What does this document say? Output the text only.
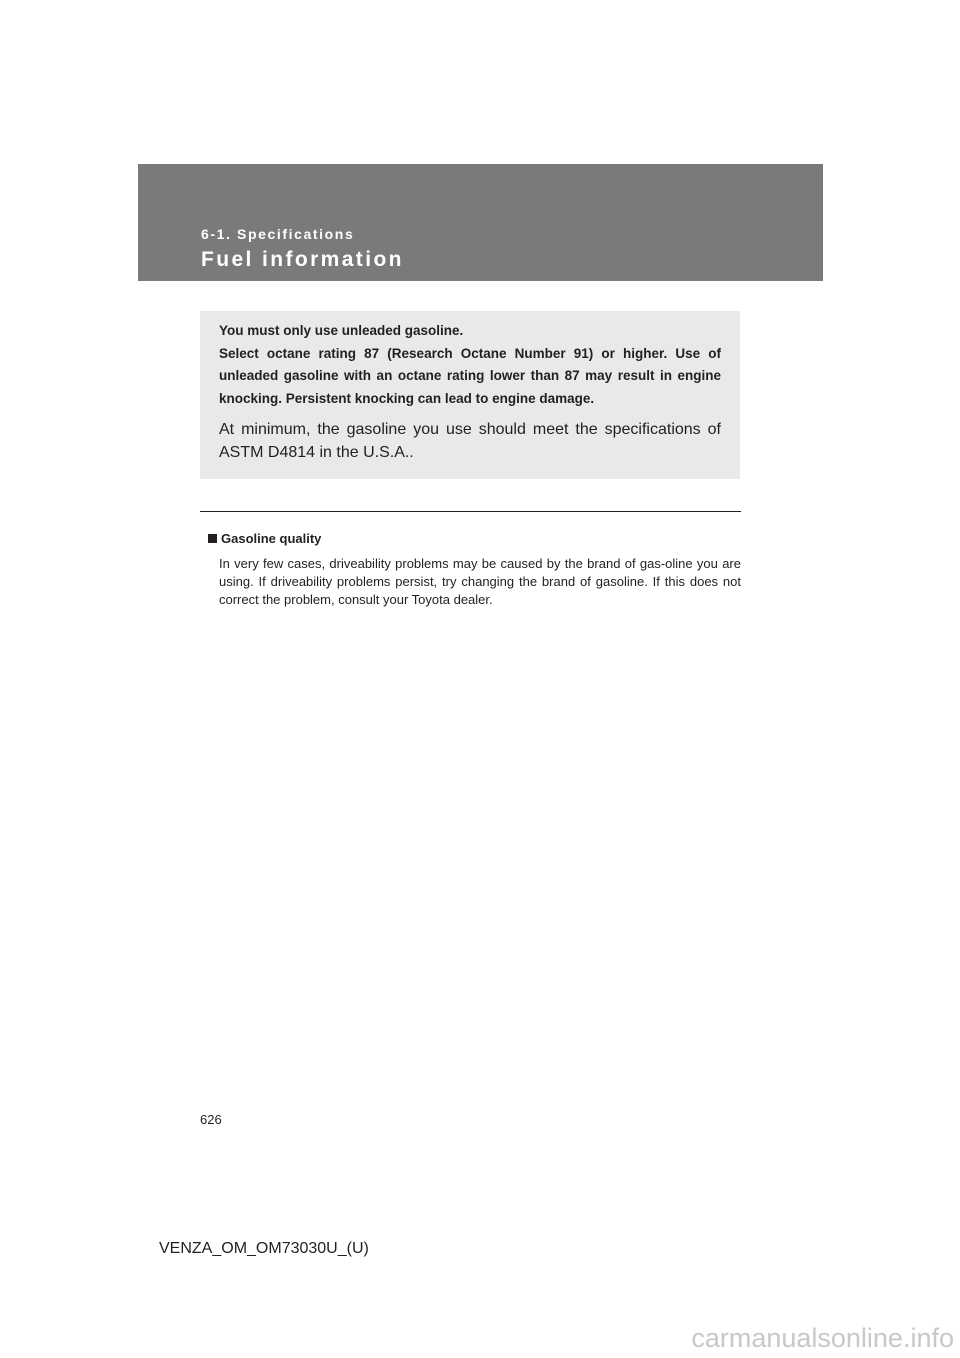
6-1. Specifications
Fuel information

You must only use unleaded gasoline.
Select octane rating 87 (Research Octane Number 91) or higher. Use of unleaded gasoline with an octane rating lower than 87 may result in engine knocking. Persistent knocking can lead to engine damage.

At minimum, the gasoline you use should meet the specifications of ASTM D4814 in the U.S.A..

Gasoline quality
In very few cases, driveability problems may be caused by the brand of gas-oline you are using. If driveability problems persist, try changing the brand of gasoline. If this does not correct the problem, consult your Toyota dealer.
626
VENZA_OM_OM73030U_(U)
carmanualsonline.info
